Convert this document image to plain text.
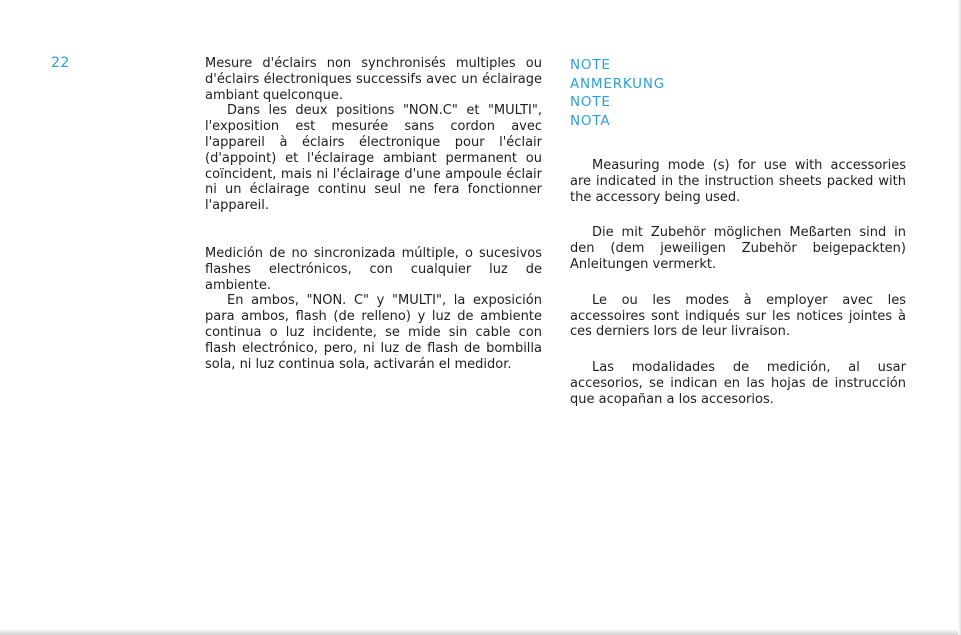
22	Mesure d'éclairs non synchronisés multiples ou d'éclairs électroniques successifs avec un éclairage ambiant quelconque.

Dans les deux positions "NON.C" et "MULTI", l'exposition est mesurée sans cordon avec l'appareil à éclairs électronique pour l'éclair (d'appoint) et l'éclairage ambiant permanent ou coïncident, mais ni l'éclairage d'une ampoule éclair ni un éclairage continu seul ne fera fonctionner l'appareil.

Medición de no sincronizada múltiple, o sucesivos flashes electrónicos, con cualquier luz de ambiente.

En ambos, "NON. C" y "MULTI", la exposición para ambos, flash (de relleno) y luz de ambiente continua o luz incidente, se mide sin cable con flash electrónico, pero, ni luz de flash de bombilla sola, ni luz continua sola, activarán el medidor.

NOTE
ANMERKUNG
NOTE
NOTA

Measuring mode (s) for use with accessories are indicated in the instruction sheets packed with the accessory being used.

Die mit Zubehör möglichen Meßarten sind in den (dem jeweiligen Zubehör beigepackten) Anleitungen vermerkt.

Le ou les modes à employer avec les accessoires sont indiqués sur les notices jointes à ces derniers lors de leur livraison.

Las modalidades de medición, al usar accesorios, se indican en las hojas de instrucción que acopañan a los accesorios.
